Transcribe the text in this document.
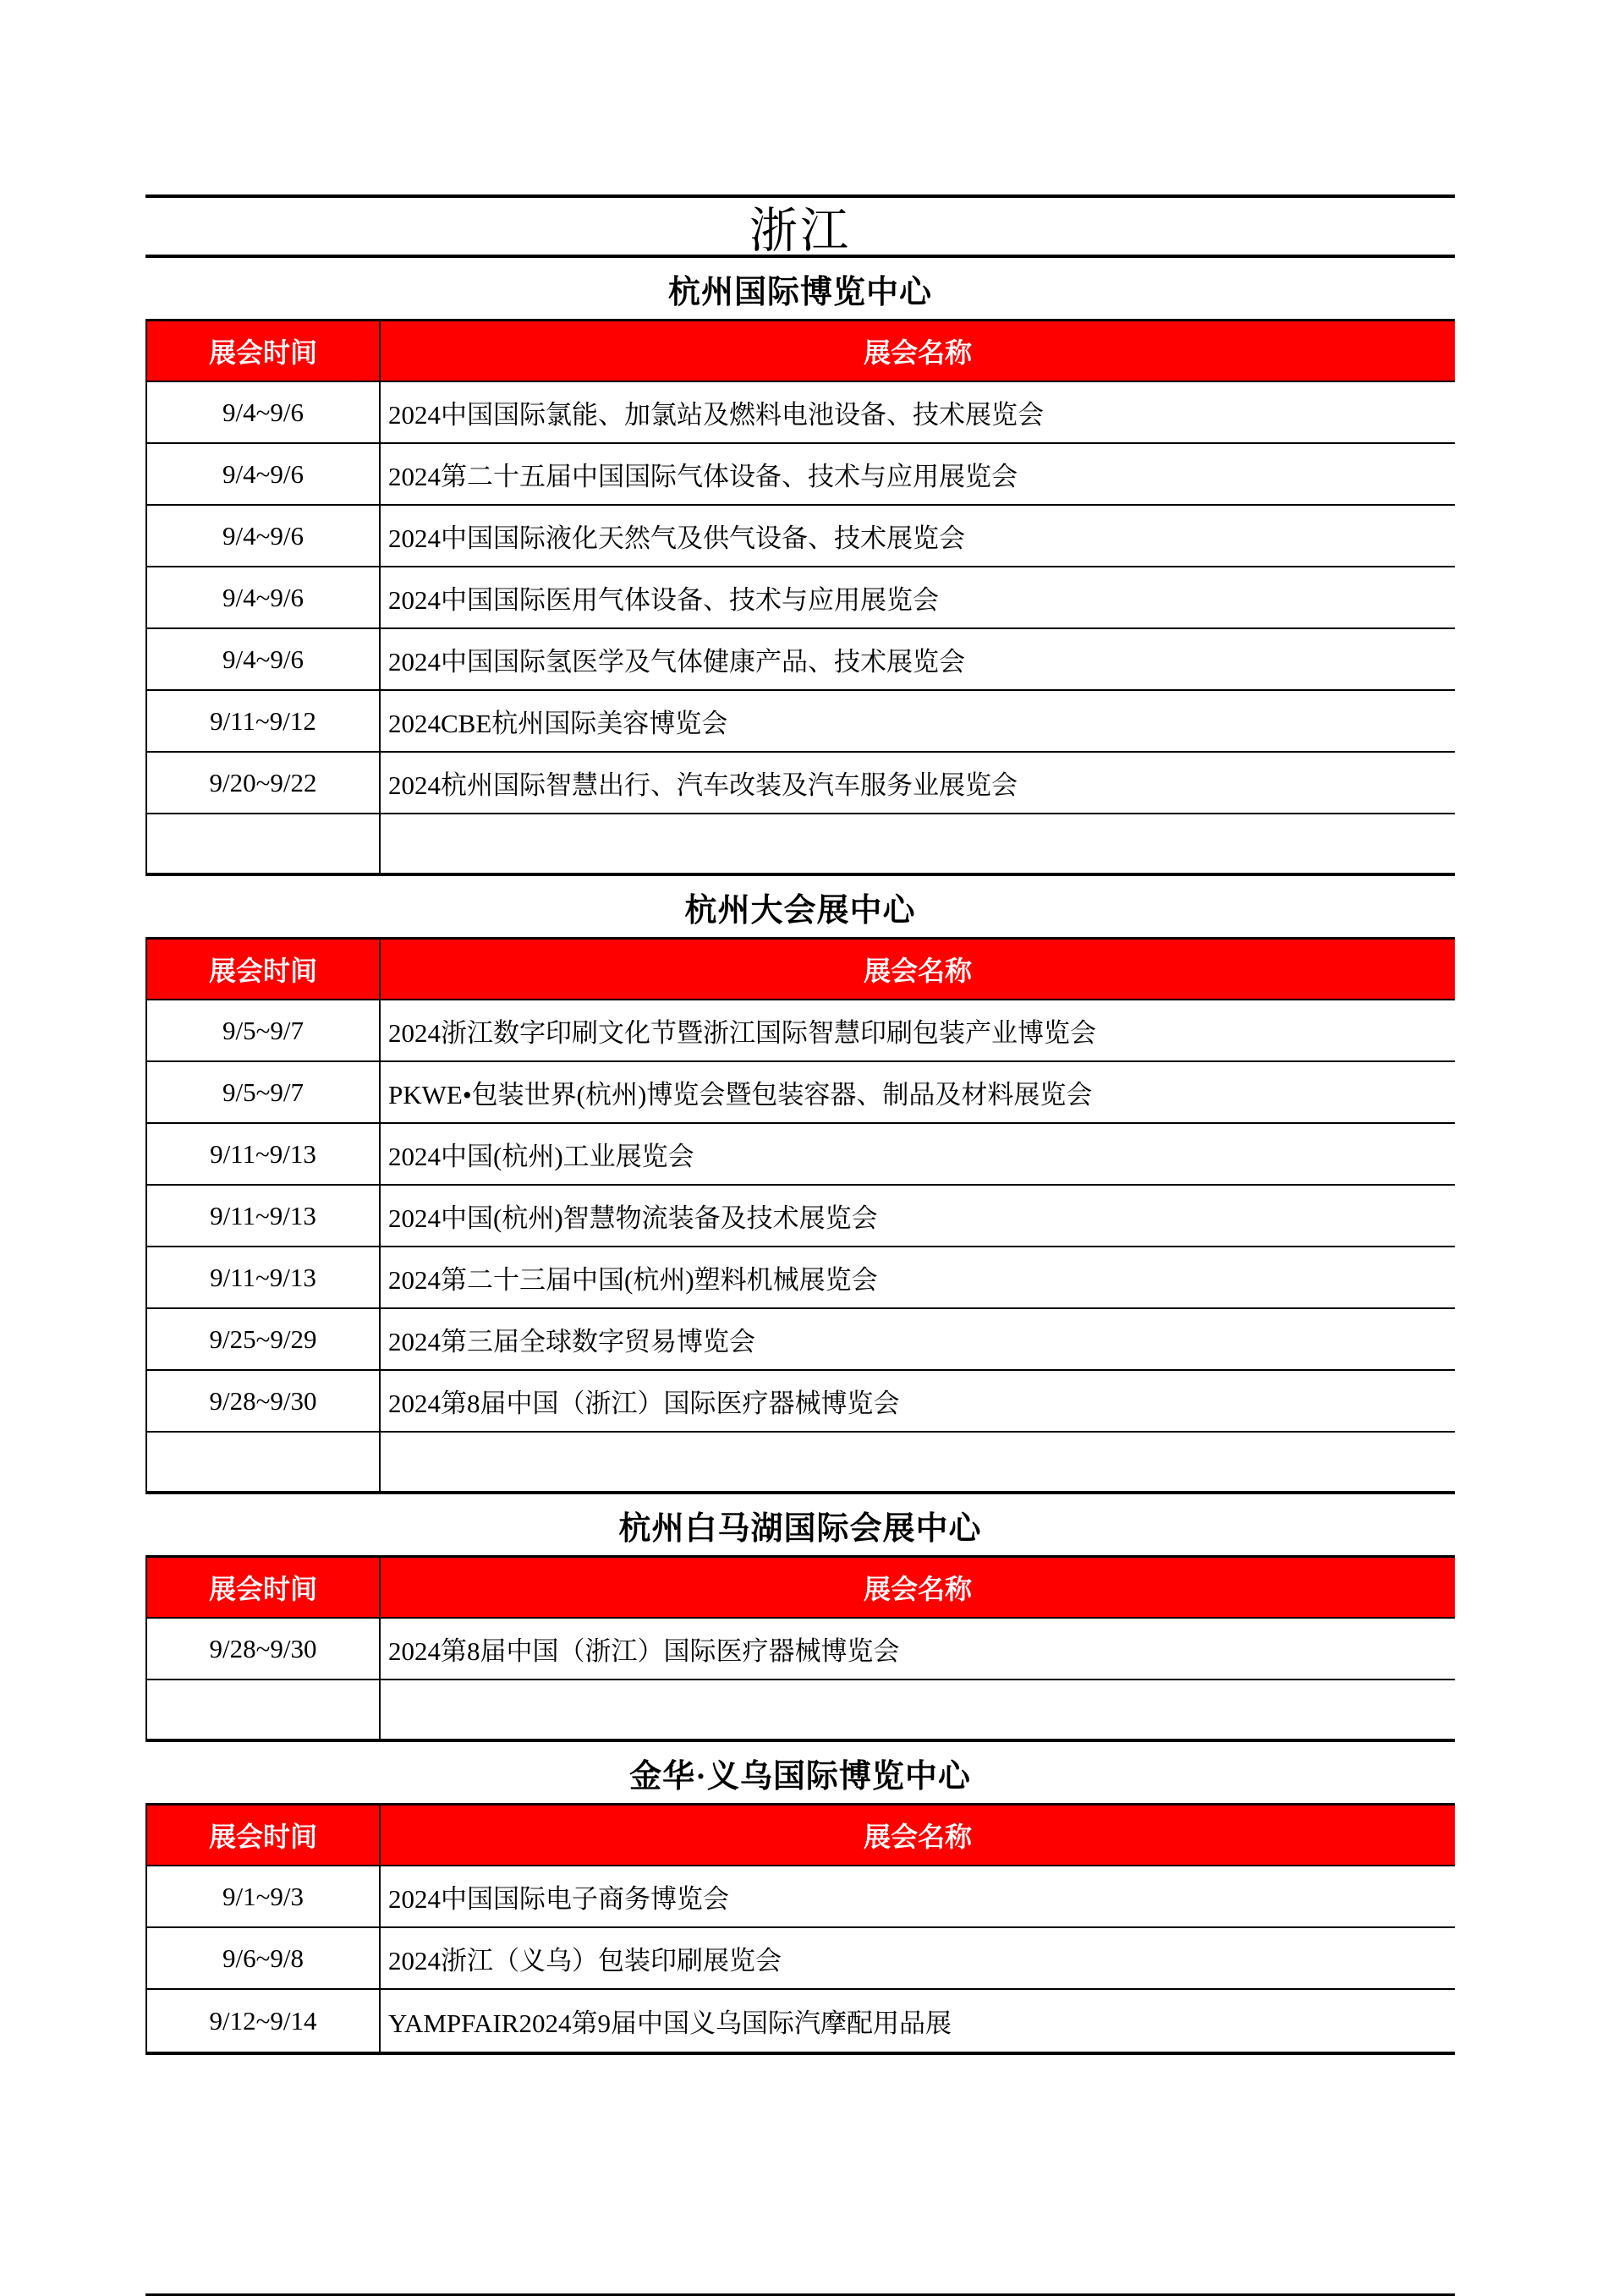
浙江
杭州国际博览中心
展会时间	展会名称
9/4~9/6	2024中国国际氯能、加氯站及燃料电池设备、技术展览会
9/4~9/6	2024第二十五届中国国际气体设备、技术与应用展览会
9/4~9/6	2024中国国际液化天然气及供气设备、技术展览会
9/4~9/6	2024中国国际医用气体设备、技术与应用展览会
9/4~9/6	2024中国国际氢医学及气体健康产品、技术展览会
9/11~9/12	2024CBE杭州国际美容博览会
9/20~9/22	2024杭州国际智慧出行、汽车改装及汽车服务业展览会
杭州大会展中心
展会时间	展会名称
9/5~9/7	2024浙江数字印刷文化节暨浙江国际智慧印刷包装产业博览会
9/5~9/7	PKWE•包装世界(杭州)博览会暨包装容器、制品及材料展览会
9/11~9/13	2024中国(杭州)工业展览会
9/11~9/13	2024中国(杭州)智慧物流装备及技术展览会
9/11~9/13	2024第二十三届中国(杭州)塑料机械展览会
9/25~9/29	2024第三届全球数字贸易博览会
9/28~9/30	2024第8届中国（浙江）国际医疗器械博览会
杭州白马湖国际会展中心
展会时间	展会名称
9/28~9/30	2024第8届中国（浙江）国际医疗器械博览会
金华·义乌国际博览中心
展会时间	展会名称
9/1~9/3	2024中国国际电子商务博览会
9/6~9/8	2024浙江（义乌）包装印刷展览会
9/12~9/14	YAMPFAIR2024第9届中国义乌国际汽摩配用品展
